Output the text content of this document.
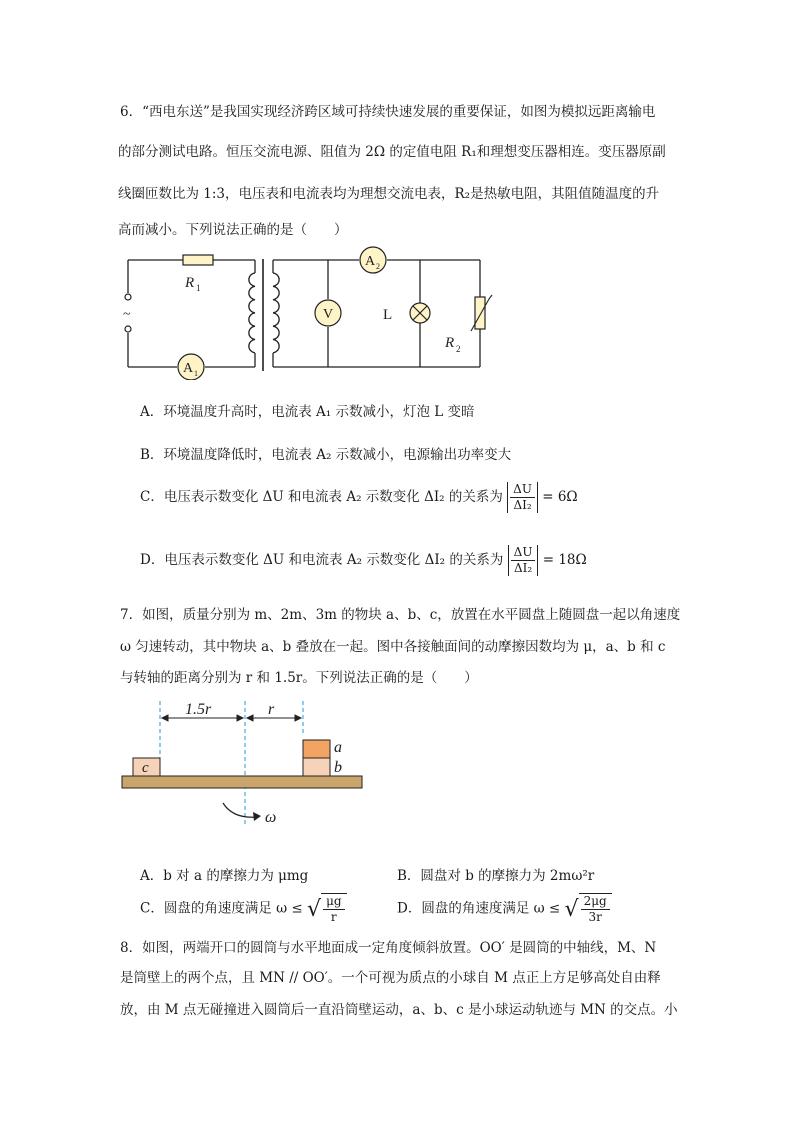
6．“西电东送”是我国实现经济跨区域可持续快速发展的重要保证，如图为模拟远距离输电
的部分测试电路。恒压交流电源、阻值为 2Ω 的定值电阻 R₁和理想变压器相连。变压器原副
线圈匝数比为 1:3，电压表和电流表均为理想交流电表，R₂是热敏电阻，其阻值随温度的升
高而减小。下列说法正确的是（　　）
~
R 1
A 1
A 2
V	L
R 2
A．环境温度升高时，电流表 A₁ 示数减小，灯泡 L 变暗
B．环境温度降低时，电流表 A₂ 示数减小，电源输出功率变大
C．电压表示数变化 ΔU 和电流表 A₂ 示数变化 ΔI₂ 的关系为 $\frac{\Delta U}{\text{ΔI₂}} = 6\Omega$
D．电压表示数变化 ΔU 和电流表 A₂ 示数变化 ΔI₂ 的关系为 $\frac{\Delta U}{\text{ΔI₂}} = 18\Omega$
7．如图，质量分别为 m、2m、3m 的物块 a、b、c，放置在水平圆盘上随圆盘一起以角速度
ω 匀速转动，其中物块 a、b 叠放在一起。图中各接触面间的动摩擦因数均为 μ，a、b 和 c
与转轴的距离分别为 r 和 1.5r。下列说法正确的是（　　）
1.5r	r
c
a
b
ω
A．b 对 a 的摩擦力为 μmg	B．圆盘对 b 的摩擦力为 2mω²r
C．圆盘的角速度满足 ω ≤ √ $\frac{\mu g}{r}$	D．圆盘的角速度满足 ω ≤ √ $\frac{2\mu g}{3r}$
8．如图，两端开口的圆筒与水平地面成一定角度倾斜放置。OO′ 是圆筒的中轴线，M、N
是筒壁上的两个点，且 MN // OO′。一个可视为质点的小球自 M 点正上方足够高处自由释
放，由 M 点无碰撞进入圆筒后一直沿筒壁运动，a、b、c 是小球运动轨迹与 MN 的交点。小
